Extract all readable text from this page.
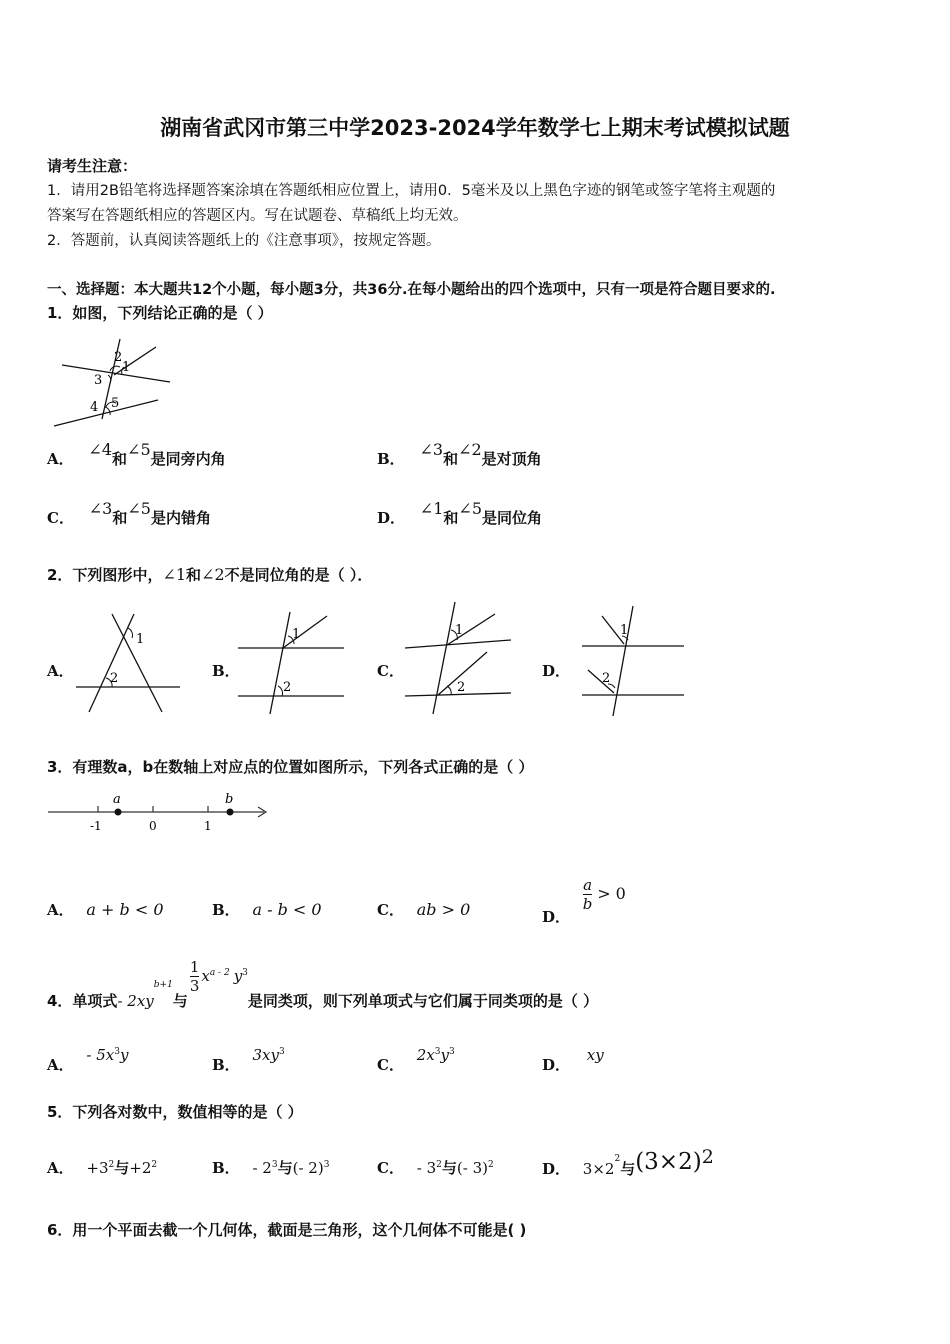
湖南省武冈市第三中学2023-2024学年数学七上期末考试模拟试题
请考生注意：
1．请用2B铅笔将选择题答案涂填在答题纸相应位置上，请用0．5毫米及以上黑色字迹的钢笔或签字笔将主观题的
答案写在答题纸相应的答题区内。写在试题卷、草稿纸上均无效。
2．答题前，认真阅读答题纸上的《注意事项》，按规定答题。
一、选择题：本大题共12个小题，每小题3分，共36分.在每小题给出的四个选项中，只有一项是符合题目要求的.
1．如图，下列结论正确的是（ ）
2
1
3
4 5
A． ∠4和∠5是同旁内角	B． ∠3和∠2是对顶角
C． ∠3和∠5是内错角	D． ∠1和∠5是同位角
2．下列图形中，∠1和∠2不是同位角的是（ ）．
A．
1
2	B．
1
2
C．
1
2
D．
1
2
3．有理数a，b在数轴上对应点的位置如图所示，下列各式正确的是（ ）
-1	0	1
a	b
A． a + b < 0	B． a - b < 0	C． ab > 0	D．
$\frac{a}{b} > 0$
4．单项式- $2xy^{b+1}$与
$\frac{1}{3} x^{a - 2}$ $y^3$是同类项，则下列单项式与它们属于同类项的是（ ）
A． - $5x^3y$
B． $3xy^3$
C． $2x^3y^3$
D． xy
5．下列各对数中，数值相等的是（ ）
A． $+3^2$与$+2^2$	B． - $2^3$与(- 2)$^3$	C． - $3^2$与(- 3)$^2$	D． $3\times 2^2$与$(3\times 2)^2$
6．用一个平面去截一个几何体，截面是三角形，这个几何体不可能是( )
